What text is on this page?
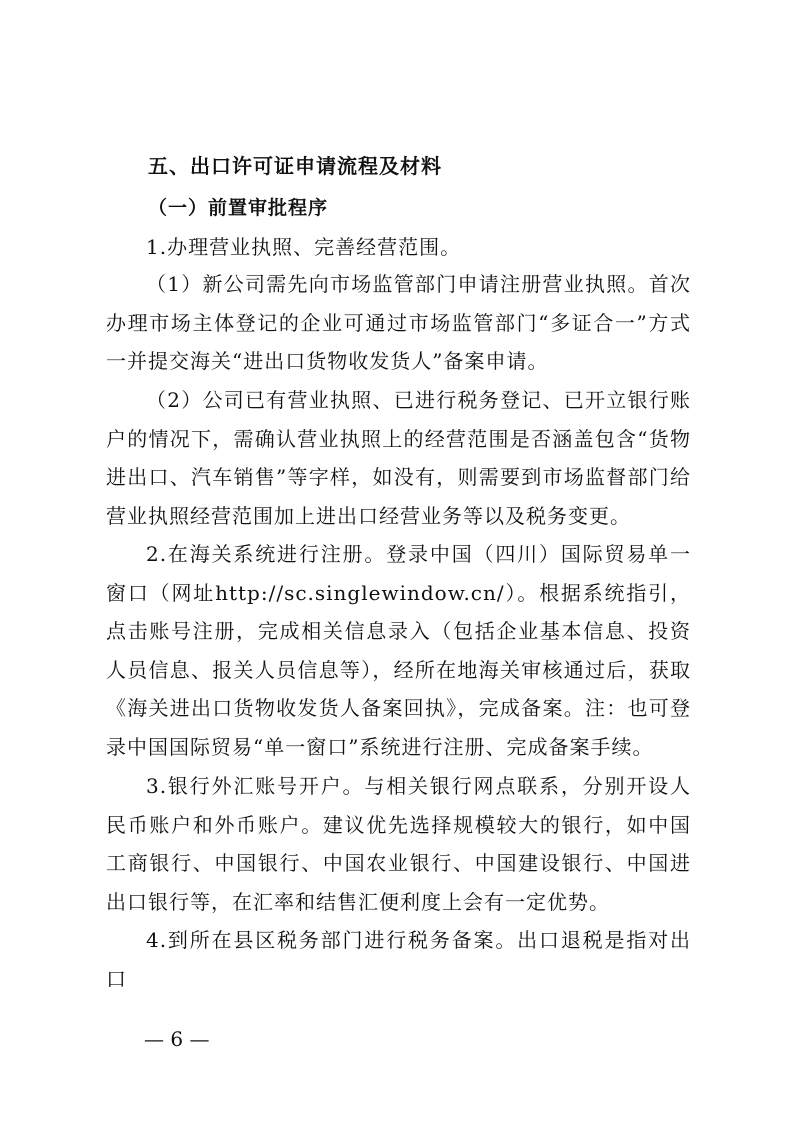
五、出口许可证申请流程及材料
（一）前置审批程序
1.办理营业执照、完善经营范围。
（1）新公司需先向市场监管部门申请注册营业执照。首次办理市场主体登记的企业可通过市场监管部门“多证合一”方式一并提交海关“进出口货物收发货人”备案申请。
（2）公司已有营业执照、已进行税务登记、已开立银行账户的情况下，需确认营业执照上的经营范围是否涵盖包含“货物进出口、汽车销售”等字样，如没有，则需要到市场监督部门给营业执照经营范围加上进出口经营业务等以及税务变更。
2.在海关系统进行注册。登录中国（四川）国际贸易单一窗口（网址http://sc.singlewindow.cn/）。根据系统指引，点击账号注册，完成相关信息录入（包括企业基本信息、投资人员信息、报关人员信息等），经所在地海关审核通过后，获取《海关进出口货物收发货人备案回执》，完成备案。注：也可登录中国国际贸易“单一窗口”系统进行注册、完成备案手续。
3.银行外汇账号开户。与相关银行网点联系，分别开设人民币账户和外币账户。建议优先选择规模较大的银行，如中国工商银行、中国银行、中国农业银行、中国建设银行、中国进出口银行等，在汇率和结售汇便利度上会有一定优势。
4.到所在县区税务部门进行税务备案。出口退税是指对出口
— 6 —
